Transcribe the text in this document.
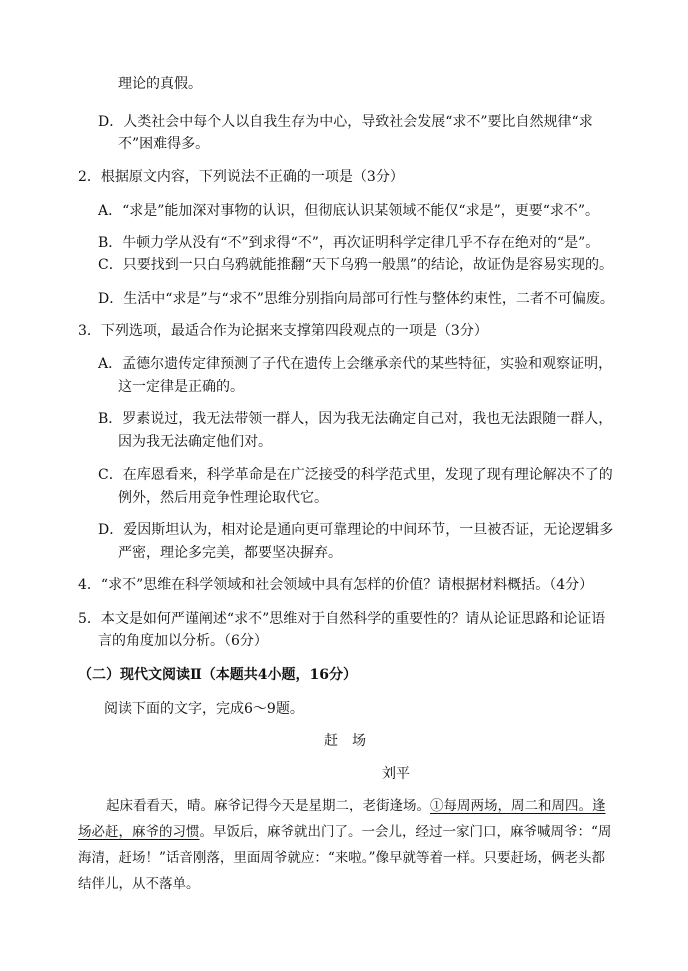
理论的真假。
D．人类社会中每个人以自我生存为中心，导致社会发展“求不”要比自然规律“求
不”困难得多。
2．根据原文内容，下列说法不正确的一项是（3分）
A．“求是”能加深对事物的认识，但彻底认识某领域不能仅“求是”，更要“求不”。
B．牛顿力学从没有“不”到求得“不”，再次证明科学定律几乎不存在绝对的“是”。
C．只要找到一只白乌鸦就能推翻“天下乌鸦一般黑”的结论，故证伪是容易实现的。
D．生活中“求是”与“求不”思维分别指向局部可行性与整体约束性，二者不可偏废。
3．下列选项，最适合作为论据来支撑第四段观点的一项是（3分）
A．孟德尔遗传定律预测了子代在遗传上会继承亲代的某些特征，实验和观察证明，
这一定律是正确的。
B．罗素说过，我无法带领一群人，因为我无法确定自己对，我也无法跟随一群人，
因为我无法确定他们对。
C．在库恩看来，科学革命是在广泛接受的科学范式里，发现了现有理论解决不了的
例外，然后用竞争性理论取代它。
D．爱因斯坦认为，相对论是通向更可靠理论的中间环节，一旦被否证，无论逻辑多
严密，理论多完美，都要坚决摒弃。
4．“求不”思维在科学领域和社会领域中具有怎样的价值？请根据材料概括。（4分）
5．本文是如何严谨阐述“求不”思维对于自然科学的重要性的？请从论证思路和论证语
言的角度加以分析。（6分）
（二）现代文阅读Ⅱ（本题共4小题，16分）
阅读下面的文字，完成6～9题。
赶场
刘平
起床看看天，晴。麻爷记得今天是星期二，老街逢场。①每周两场，周二和周四。逢场必赶，麻爷的习惯。早饭后，麻爷就出门了。一会儿，经过一家门口，麻爷喊周爷：“周海清，赶场！”话音刚落，里面周爷就应：“来啦。”像早就等着一样。只要赶场，俩老头都结伴儿，从不落单。
